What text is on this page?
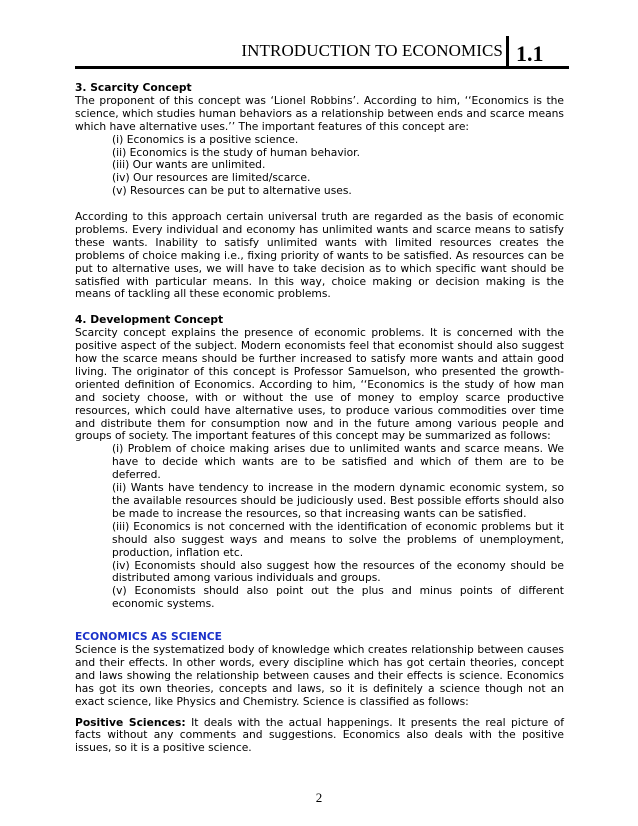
INTRODUCTION TO ECONOMICS 1.1

3. Scarcity Concept

The proponent of this concept was ‘Lionel Robbins’. According to him, ‘‘Economics is the science, which studies human behaviors as a relationship between ends and scarce means which have alternative uses.’’ The important features of this concept are:

(i) Economics is a positive science.
(ii) Economics is the study of human behavior.
(iii) Our wants are unlimited.
(iv) Our resources are limited/scarce.
(v) Resources can be put to alternative uses.

According to this approach certain universal truth are regarded as the basis of economic problems. Every individual and economy has unlimited wants and scarce means to satisfy these wants. Inability to satisfy unlimited wants with limited resources creates the problems of choice making i.e., fixing priority of wants to be satisfied. As resources can be put to alternative uses, we will have to take decision as to which specific want should be satisfied with particular means. In this way, choice making or decision making is the means of tackling all these economic problems.

4. Development Concept

Scarcity concept explains the presence of economic problems. It is concerned with the positive aspect of the subject. Modern economists feel that economist should also suggest how the scarce means should be further increased to satisfy more wants and attain good living. The originator of this concept is Professor Samuelson, who presented the growth-oriented definition of Economics. According to him, ‘‘Economics is the study of how man and society choose, with or without the use of money to employ scarce productive resources, which could have alternative uses, to produce various commodities over time and distribute them for consumption now and in the future among various people and groups of society. The important features of this concept may be summarized as follows:

(i) Problem of choice making arises due to unlimited wants and scarce means. We have to decide which wants are to be satisfied and which of them are to be deferred.
(ii) Wants have tendency to increase in the modern dynamic economic system, so the available resources should be judiciously used. Best possible efforts should also be made to increase the resources, so that increasing wants can be satisfied.
(iii) Economics is not concerned with the identification of economic problems but it should also suggest ways and means to solve the problems of unemployment, production, inflation etc.
(iv) Economists should also suggest how the resources of the economy should be distributed among various individuals and groups.
(v) Economists should also point out the plus and minus points of different economic systems.

ECONOMICS AS SCIENCE

Science is the systematized body of knowledge which creates relationship between causes and their effects. In other words, every discipline which has got certain theories, concept and laws showing the relationship between causes and their effects is science. Economics has got its own theories, concepts and laws, so it is definitely a science though not an exact science, like Physics and Chemistry. Science is classified as follows:

Positive Sciences: It deals with the actual happenings. It presents the real picture of facts without any comments and suggestions. Economics also deals with the positive issues, so it is a positive science.

2
